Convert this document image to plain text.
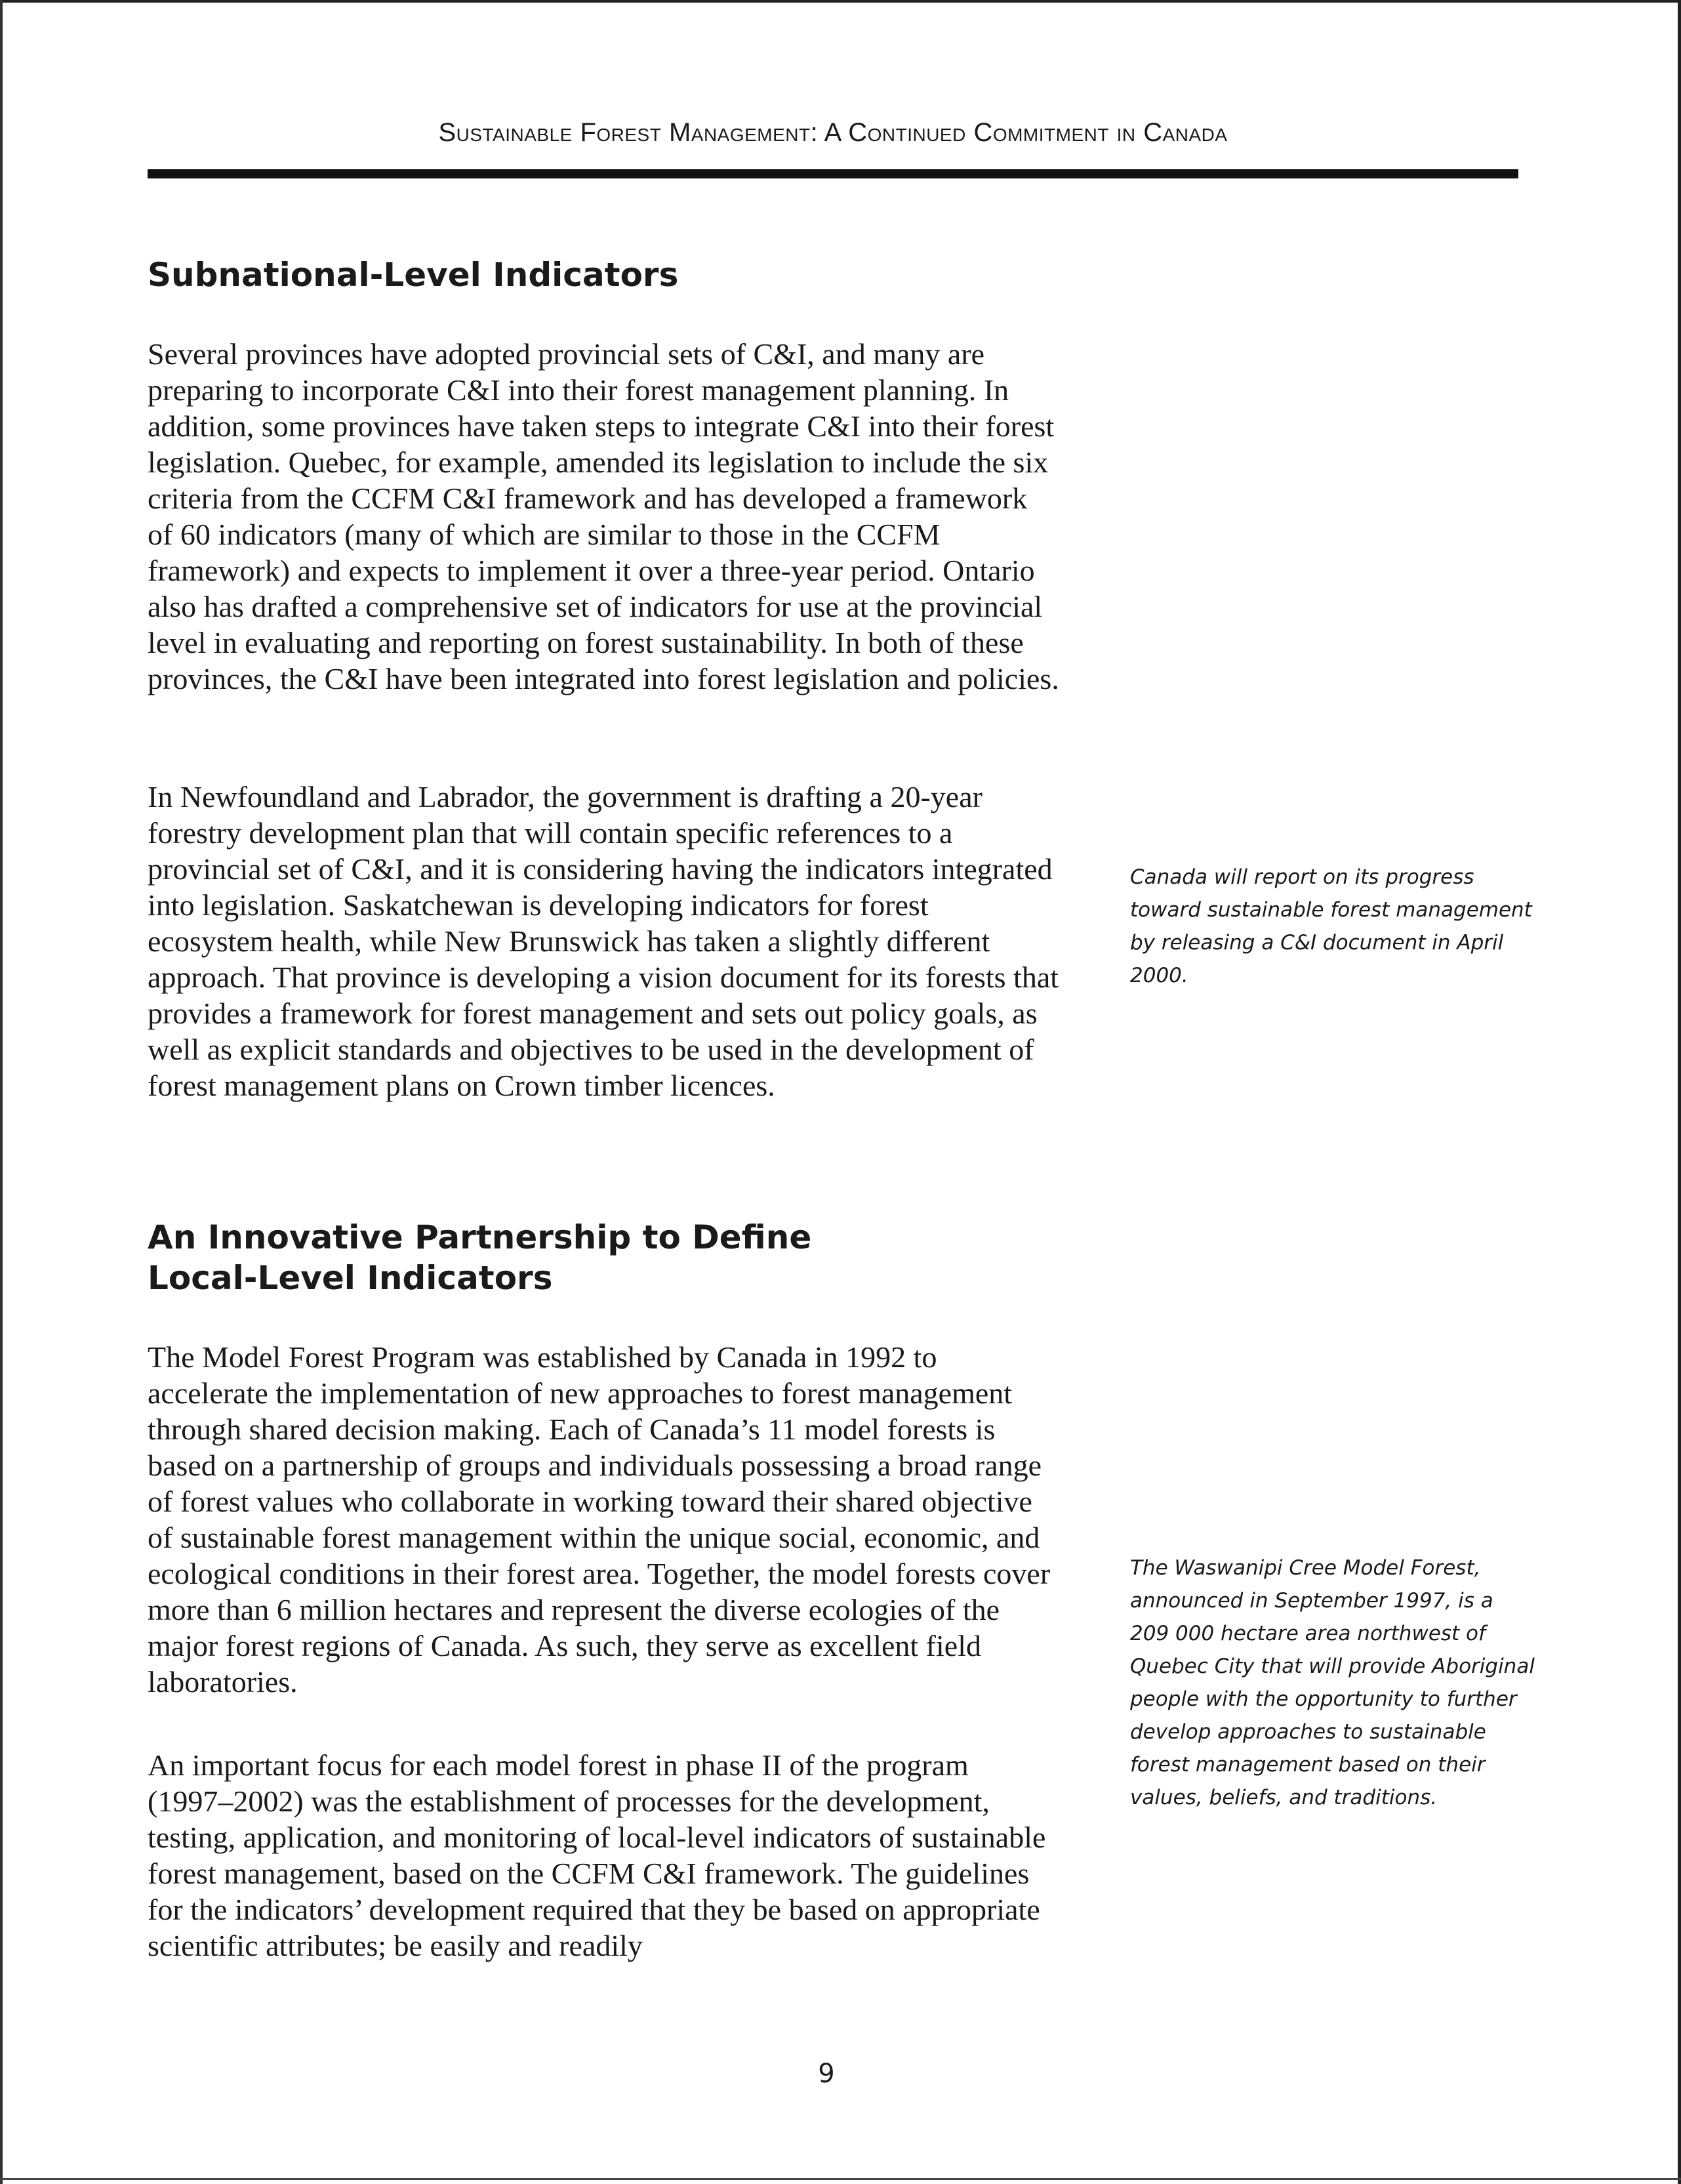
Sustainable Forest Management: A Continued Commitment in Canada
Subnational-Level Indicators

Several provinces have adopted provincial sets of C&I, and many are preparing to incorporate C&I into their forest management planning. In addition, some provinces have taken steps to integrate C&I into their forest legislation. Quebec, for example, amended its legislation to include the six criteria from the CCFM C&I framework and has developed a framework of 60 indicators (many of which are similar to those in the CCFM framework) and expects to implement it over a three-year period. Ontario also has drafted a comprehensive set of indicators for use at the provincial level in evaluating and reporting on forest sustainability. In both of these provinces, the C&I have been integrated into forest legislation and policies.

In Newfoundland and Labrador, the government is drafting a 20-year forestry development plan that will contain specific references to a provincial set of C&I, and it is considering having the indicators integrated into legislation. Saskatchewan is developing indicators for forest ecosystem health, while New Brunswick has taken a slightly different approach. That province is developing a vision document for its forests that provides a framework for forest management and sets out policy goals, as well as explicit standards and objectives to be used in the development of forest management plans on Crown timber licences.

An Innovative Partnership to Define Local-Level Indicators

The Model Forest Program was established by Canada in 1992 to accelerate the implementation of new approaches to forest management through shared decision making. Each of Canada’s 11 model forests is based on a partnership of groups and individuals possessing a broad range of forest values who collaborate in working toward their shared objective of sustainable forest management within the unique social, economic, and ecological conditions in their forest area. Together, the model forests cover more than 6 million hectares and represent the diverse ecologies of the major forest regions of Canada. As such, they serve as excellent field laboratories.

An important focus for each model forest in phase II of the program (1997–2002) was the establishment of processes for the development, testing, application, and monitoring of local-level indicators of sustainable forest management, based on the CCFM C&I framework. The guidelines for the indicators’ development required that they be based on appropriate scientific attributes; be easily and readily

Canada will report on its progress toward sustainable forest management by releasing a C&I document in April 2000.

The Waswanipi Cree Model Forest, announced in September 1997, is a 209 000 hectare area northwest of Quebec City that will provide Aboriginal people with the opportunity to further develop approaches to sustainable forest management based on their values, beliefs, and traditions.

9
